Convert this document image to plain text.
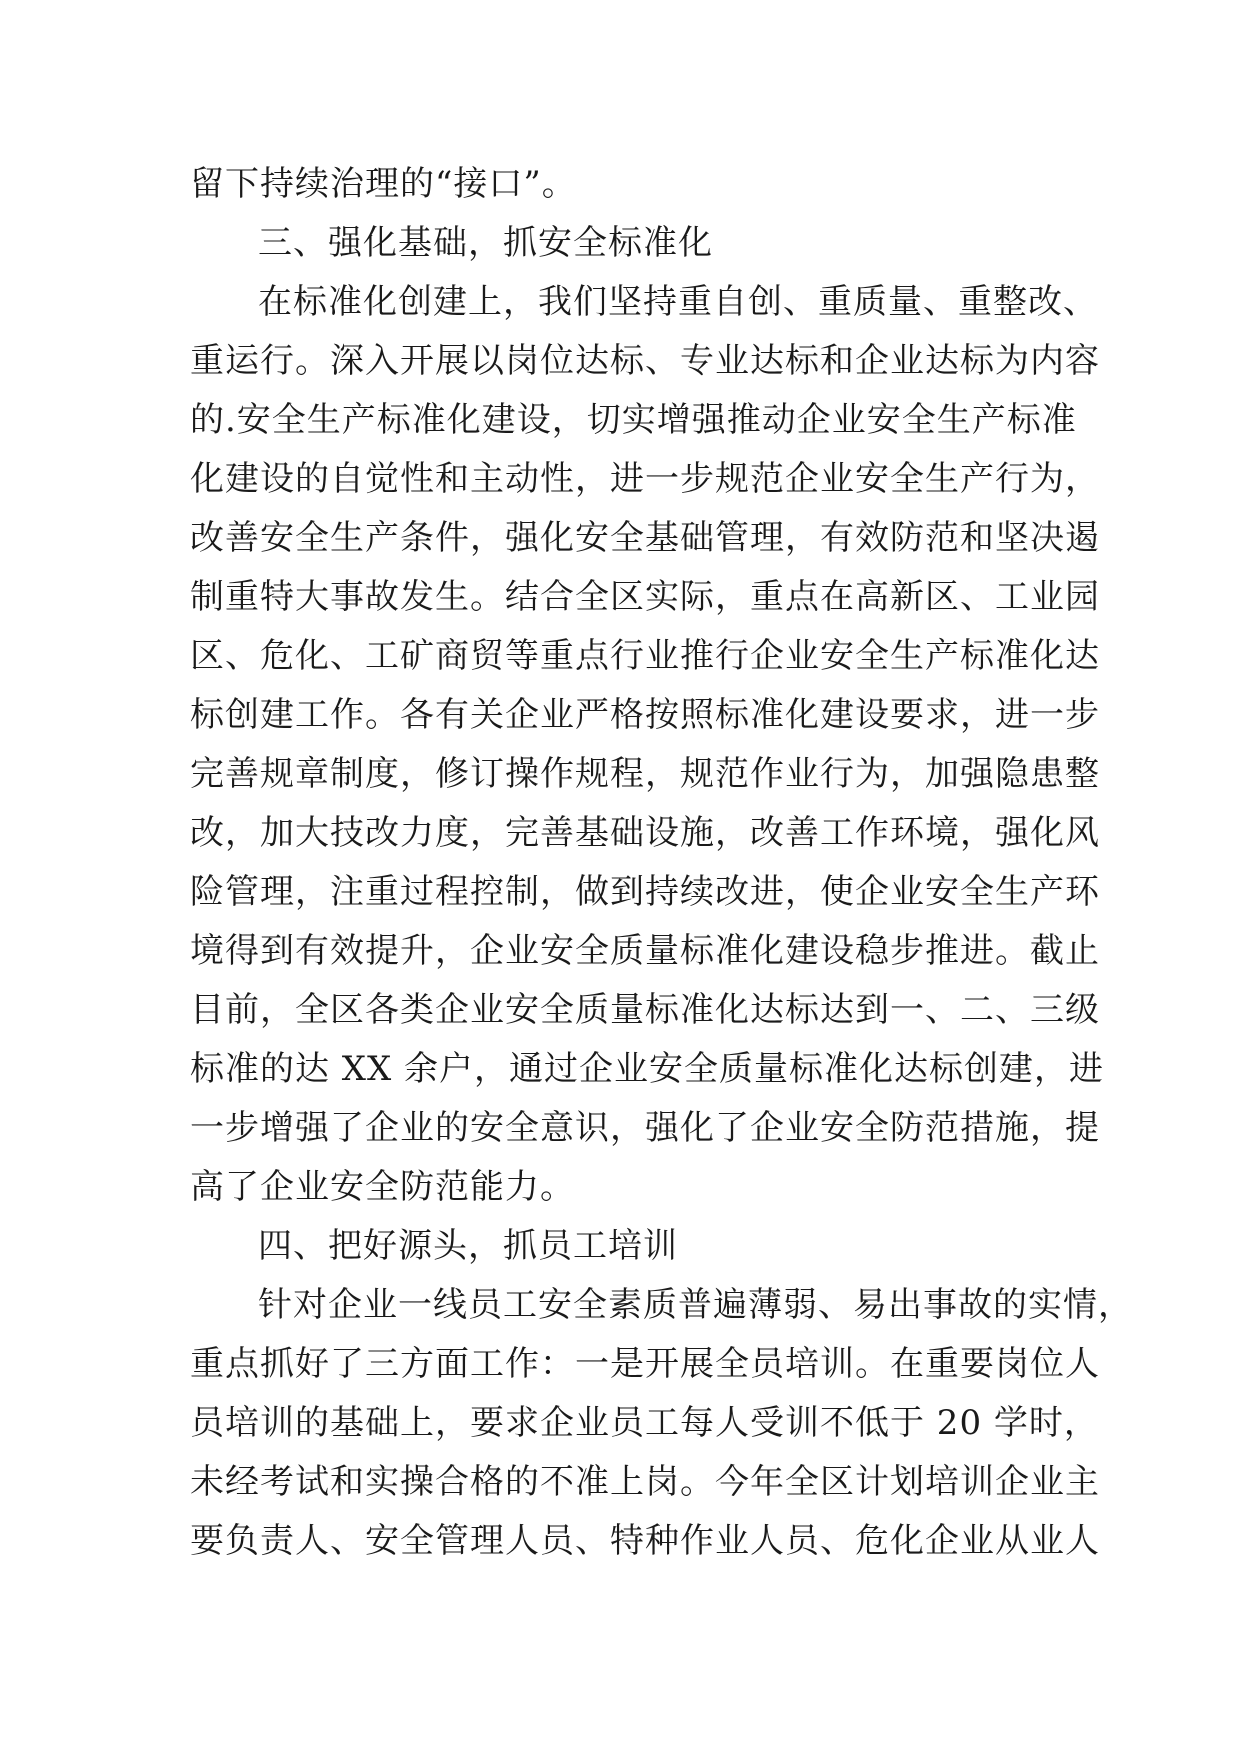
留下持续治理的“接口”。
三、强化基础，抓安全标准化
在标准化创建上，我们坚持重自创、重质量、重整改、
重运行。深入开展以岗位达标、专业达标和企业达标为内容
的.安全生产标准化建设，切实增强推动企业安全生产标准
化建设的自觉性和主动性，进一步规范企业安全生产行为，
改善安全生产条件，强化安全基础管理，有效防范和坚决遏
制重特大事故发生。结合全区实际，重点在高新区、工业园
区、危化、工矿商贸等重点行业推行企业安全生产标准化达
标创建工作。各有关企业严格按照标准化建设要求，进一步
完善规章制度，修订操作规程，规范作业行为，加强隐患整
改，加大技改力度，完善基础设施，改善工作环境，强化风
险管理，注重过程控制，做到持续改进，使企业安全生产环
境得到有效提升，企业安全质量标准化建设稳步推进。截止
目前，全区各类企业安全质量标准化达标达到一、二、三级
标准的达 XX 余户，通过企业安全质量标准化达标创建，进
一步增强了企业的安全意识，强化了企业安全防范措施，提
高了企业安全防范能力。
四、把好源头，抓员工培训
针对企业一线员工安全素质普遍薄弱、易出事故的实情，
重点抓好了三方面工作：一是开展全员培训。在重要岗位人
员培训的基础上，要求企业员工每人受训不低于 20 学时，
未经考试和实操合格的不准上岗。今年全区计划培训企业主
要负责人、安全管理人员、特种作业人员、危化企业从业人
